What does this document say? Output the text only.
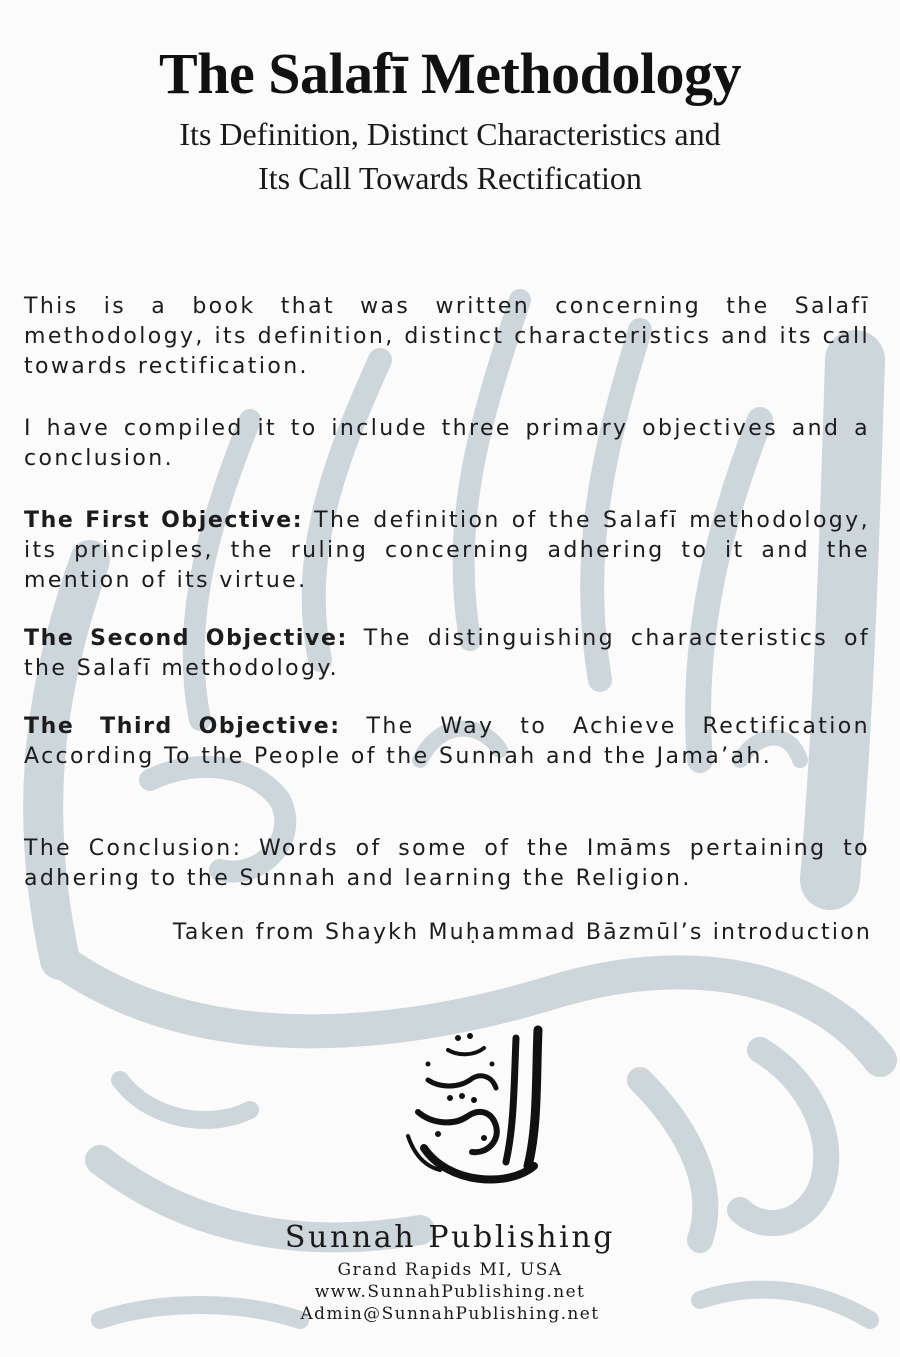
The Salafī Methodology

Its Definition, Distinct Characteristics and

Its Call Towards Rectification

This is a book that was written concerning the Salafī methodology, its definition, distinct characteristics and its call towards rectification.

I have compiled it to include three primary objectives and a conclusion.

The First Objective: The definition of the Salafī methodology, its principles, the ruling concerning adhering to it and the mention of its virtue.

The Second Objective: The distinguishing characteristics of the Salafī methodology.

The Third Objective: The Way to Achieve Rectification According To the People of the Sunnah and the Jama’ah.

The Conclusion: Words of some of the Imāms pertaining to adhering to the Sunnah and learning the Religion.

Taken from Shaykh Muḥammad Bāzmūl’s introduction

Sunnah Publishing

Grand Rapids MI, USA

www.SunnahPublishing.net

Admin@SunnahPublishing.net
